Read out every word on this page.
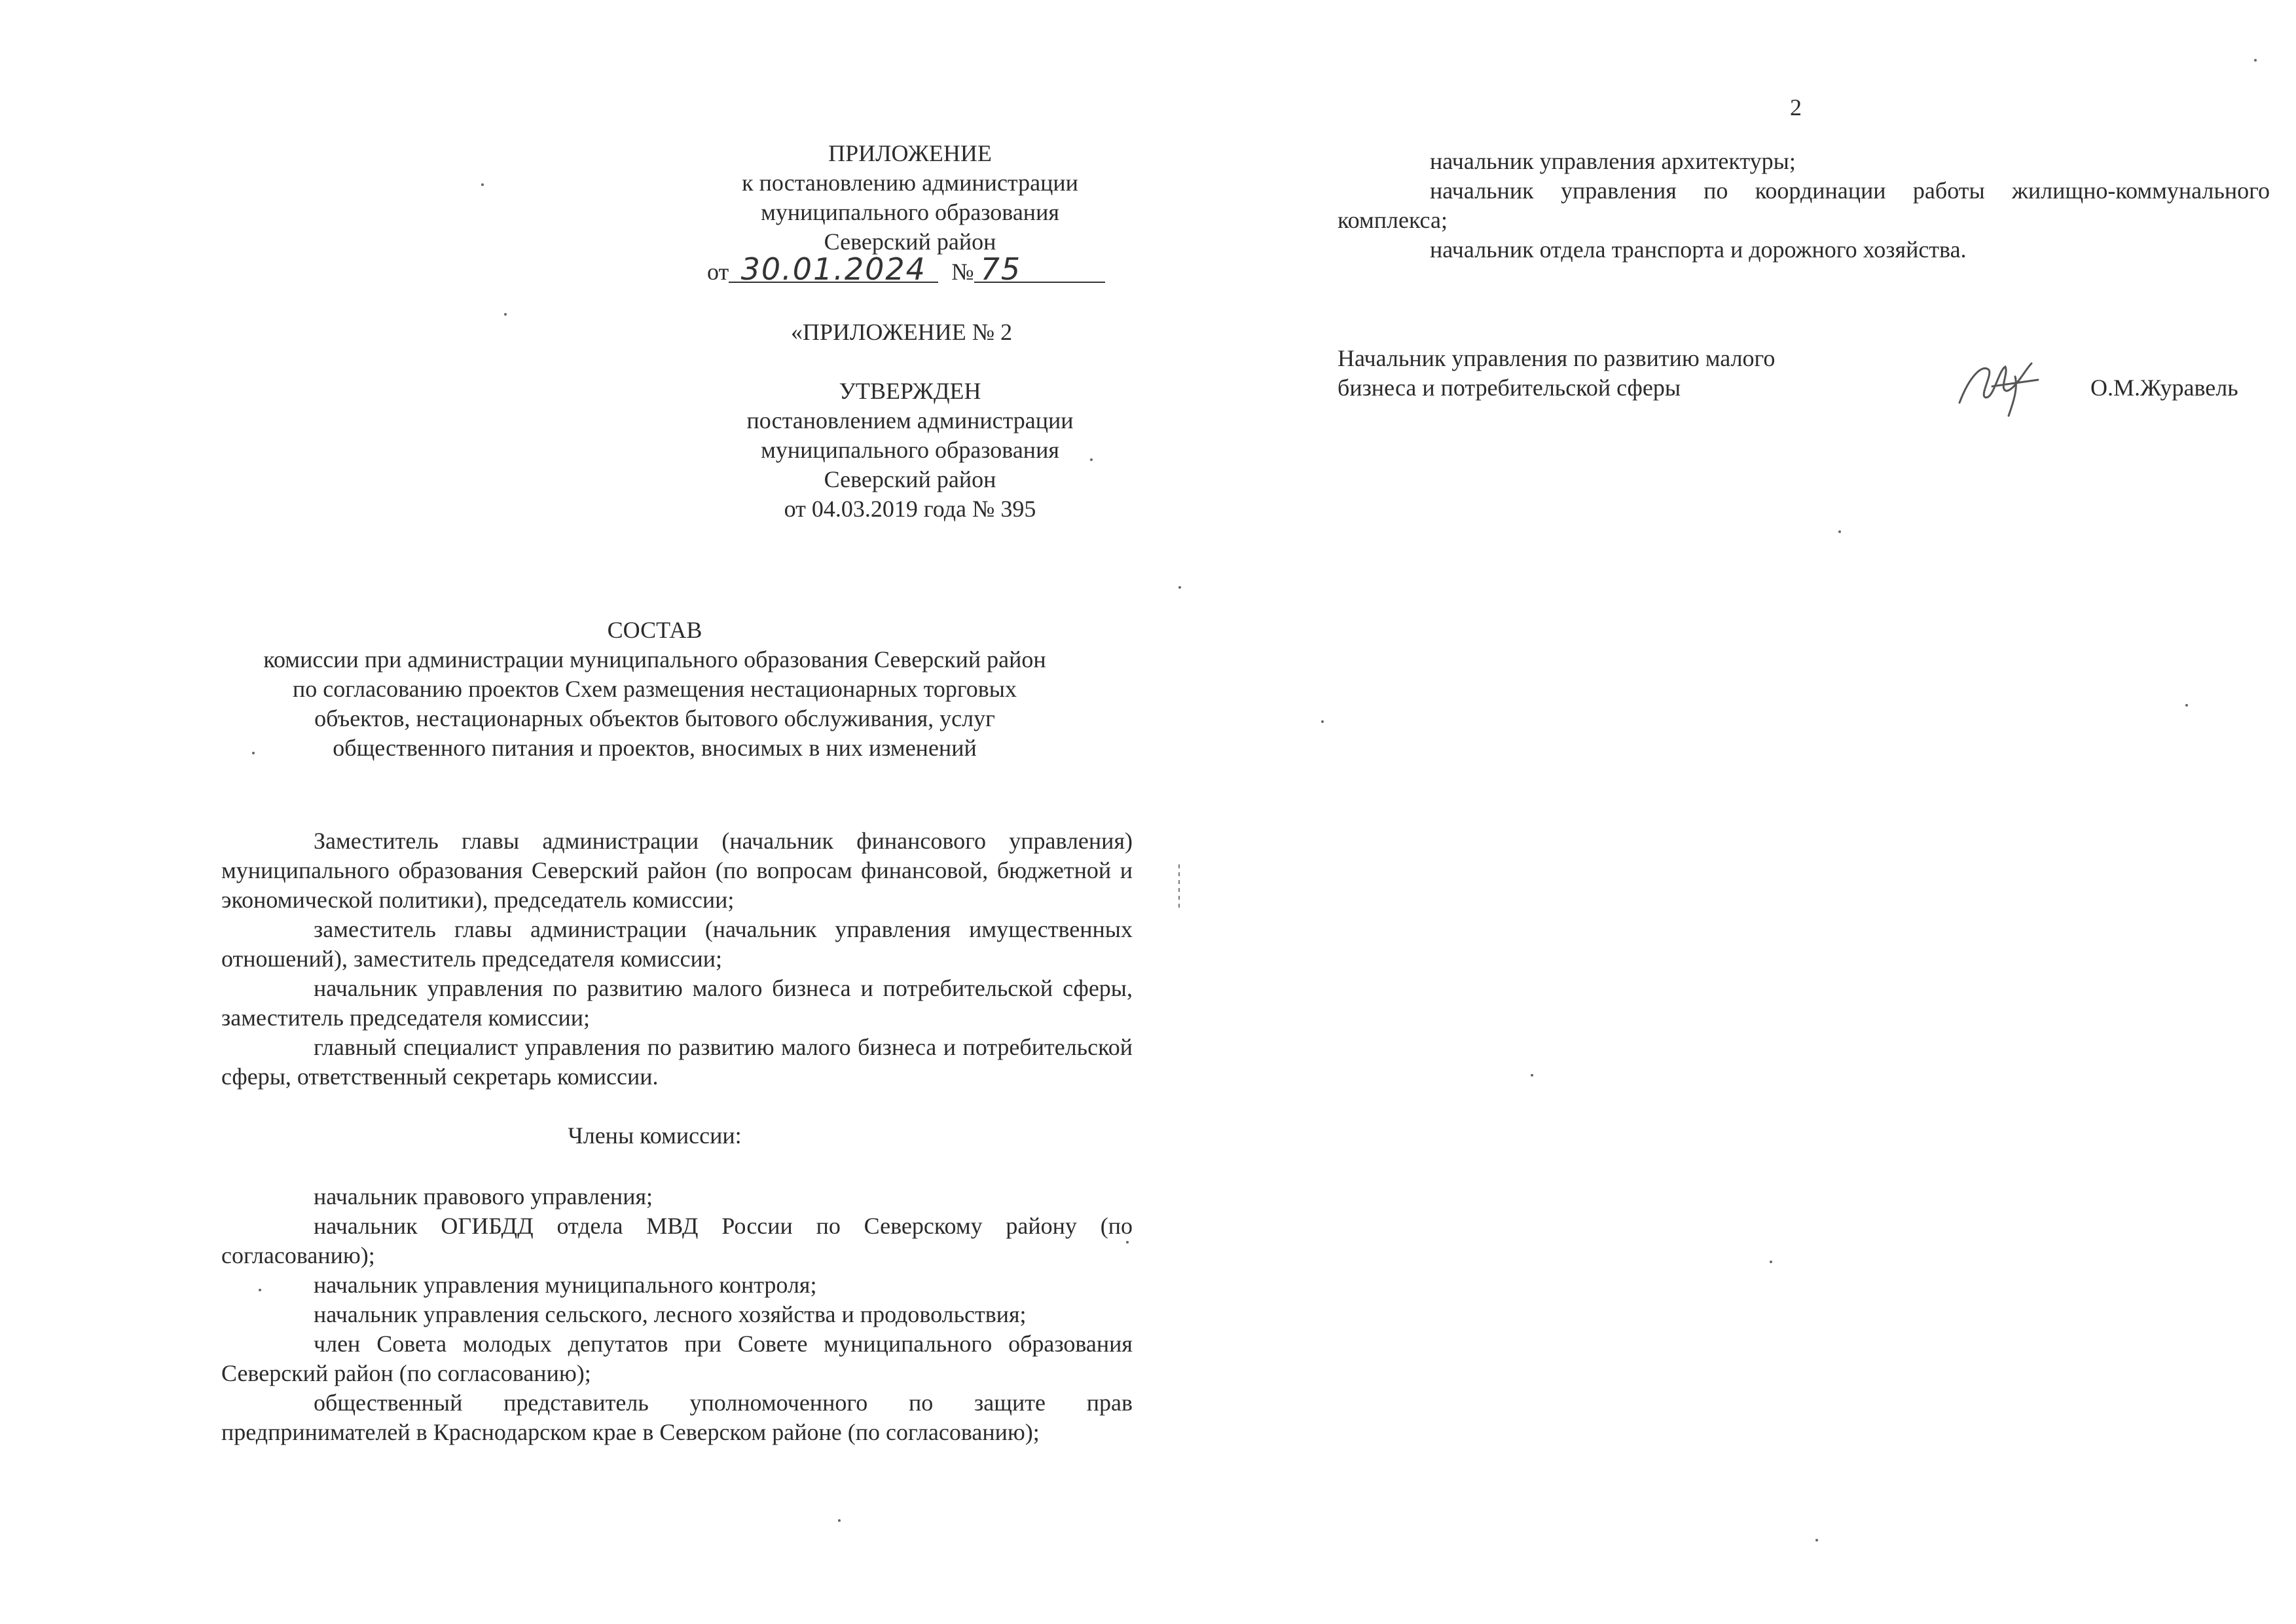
ПРИЛОЖЕНИЕ
к постановлению администрации
муниципального образования
Северский район
от 30.01.2024 № 75
«ПРИЛОЖЕНИЕ № 2
УТВЕРЖДЕН
постановлением администрации
муниципального образования
Северский район
от 04.03.2019 года № 395
СОСТАВ
комиссии при администрации муниципального образования Северский район
по согласованию проектов Схем размещения нестационарных торговых
объектов, нестационарных объектов бытового обслуживания, услуг
общественного питания и проектов, вносимых в них изменений

Заместитель главы администрации (начальник финансового управления) муниципального образования Северский район (по вопросам финансовой, бюджетной и экономической политики), председатель комиссии;

заместитель главы администрации (начальник управления имущественных отношений), заместитель председателя комиссии;

начальник управления по развитию малого бизнеса и потребительской сферы, заместитель председателя комиссии;

главный специалист управления по развитию малого бизнеса и потребительской сферы, ответственный секретарь комиссии.

Члены комиссии:

начальник правового управления;

начальник ОГИБДД отдела МВД России по Северскому району (по согласованию);

начальник управления муниципального контроля;

начальник управления сельского, лесного хозяйства и продовольствия;

член Совета молодых депутатов при Совете муниципального образования Северский район (по согласованию);

общественный представитель уполномоченного по защите прав предпринимателей в Краснодарском крае в Северском районе (по согласованию);

2

начальник управления архитектуры;

начальник управления по координации работы жилищно-коммунального комплекса;

начальник отдела транспорта и дорожного хозяйства.

Начальник управления по развитию малого
бизнеса и потребительской сферы	О.М.Журавель
